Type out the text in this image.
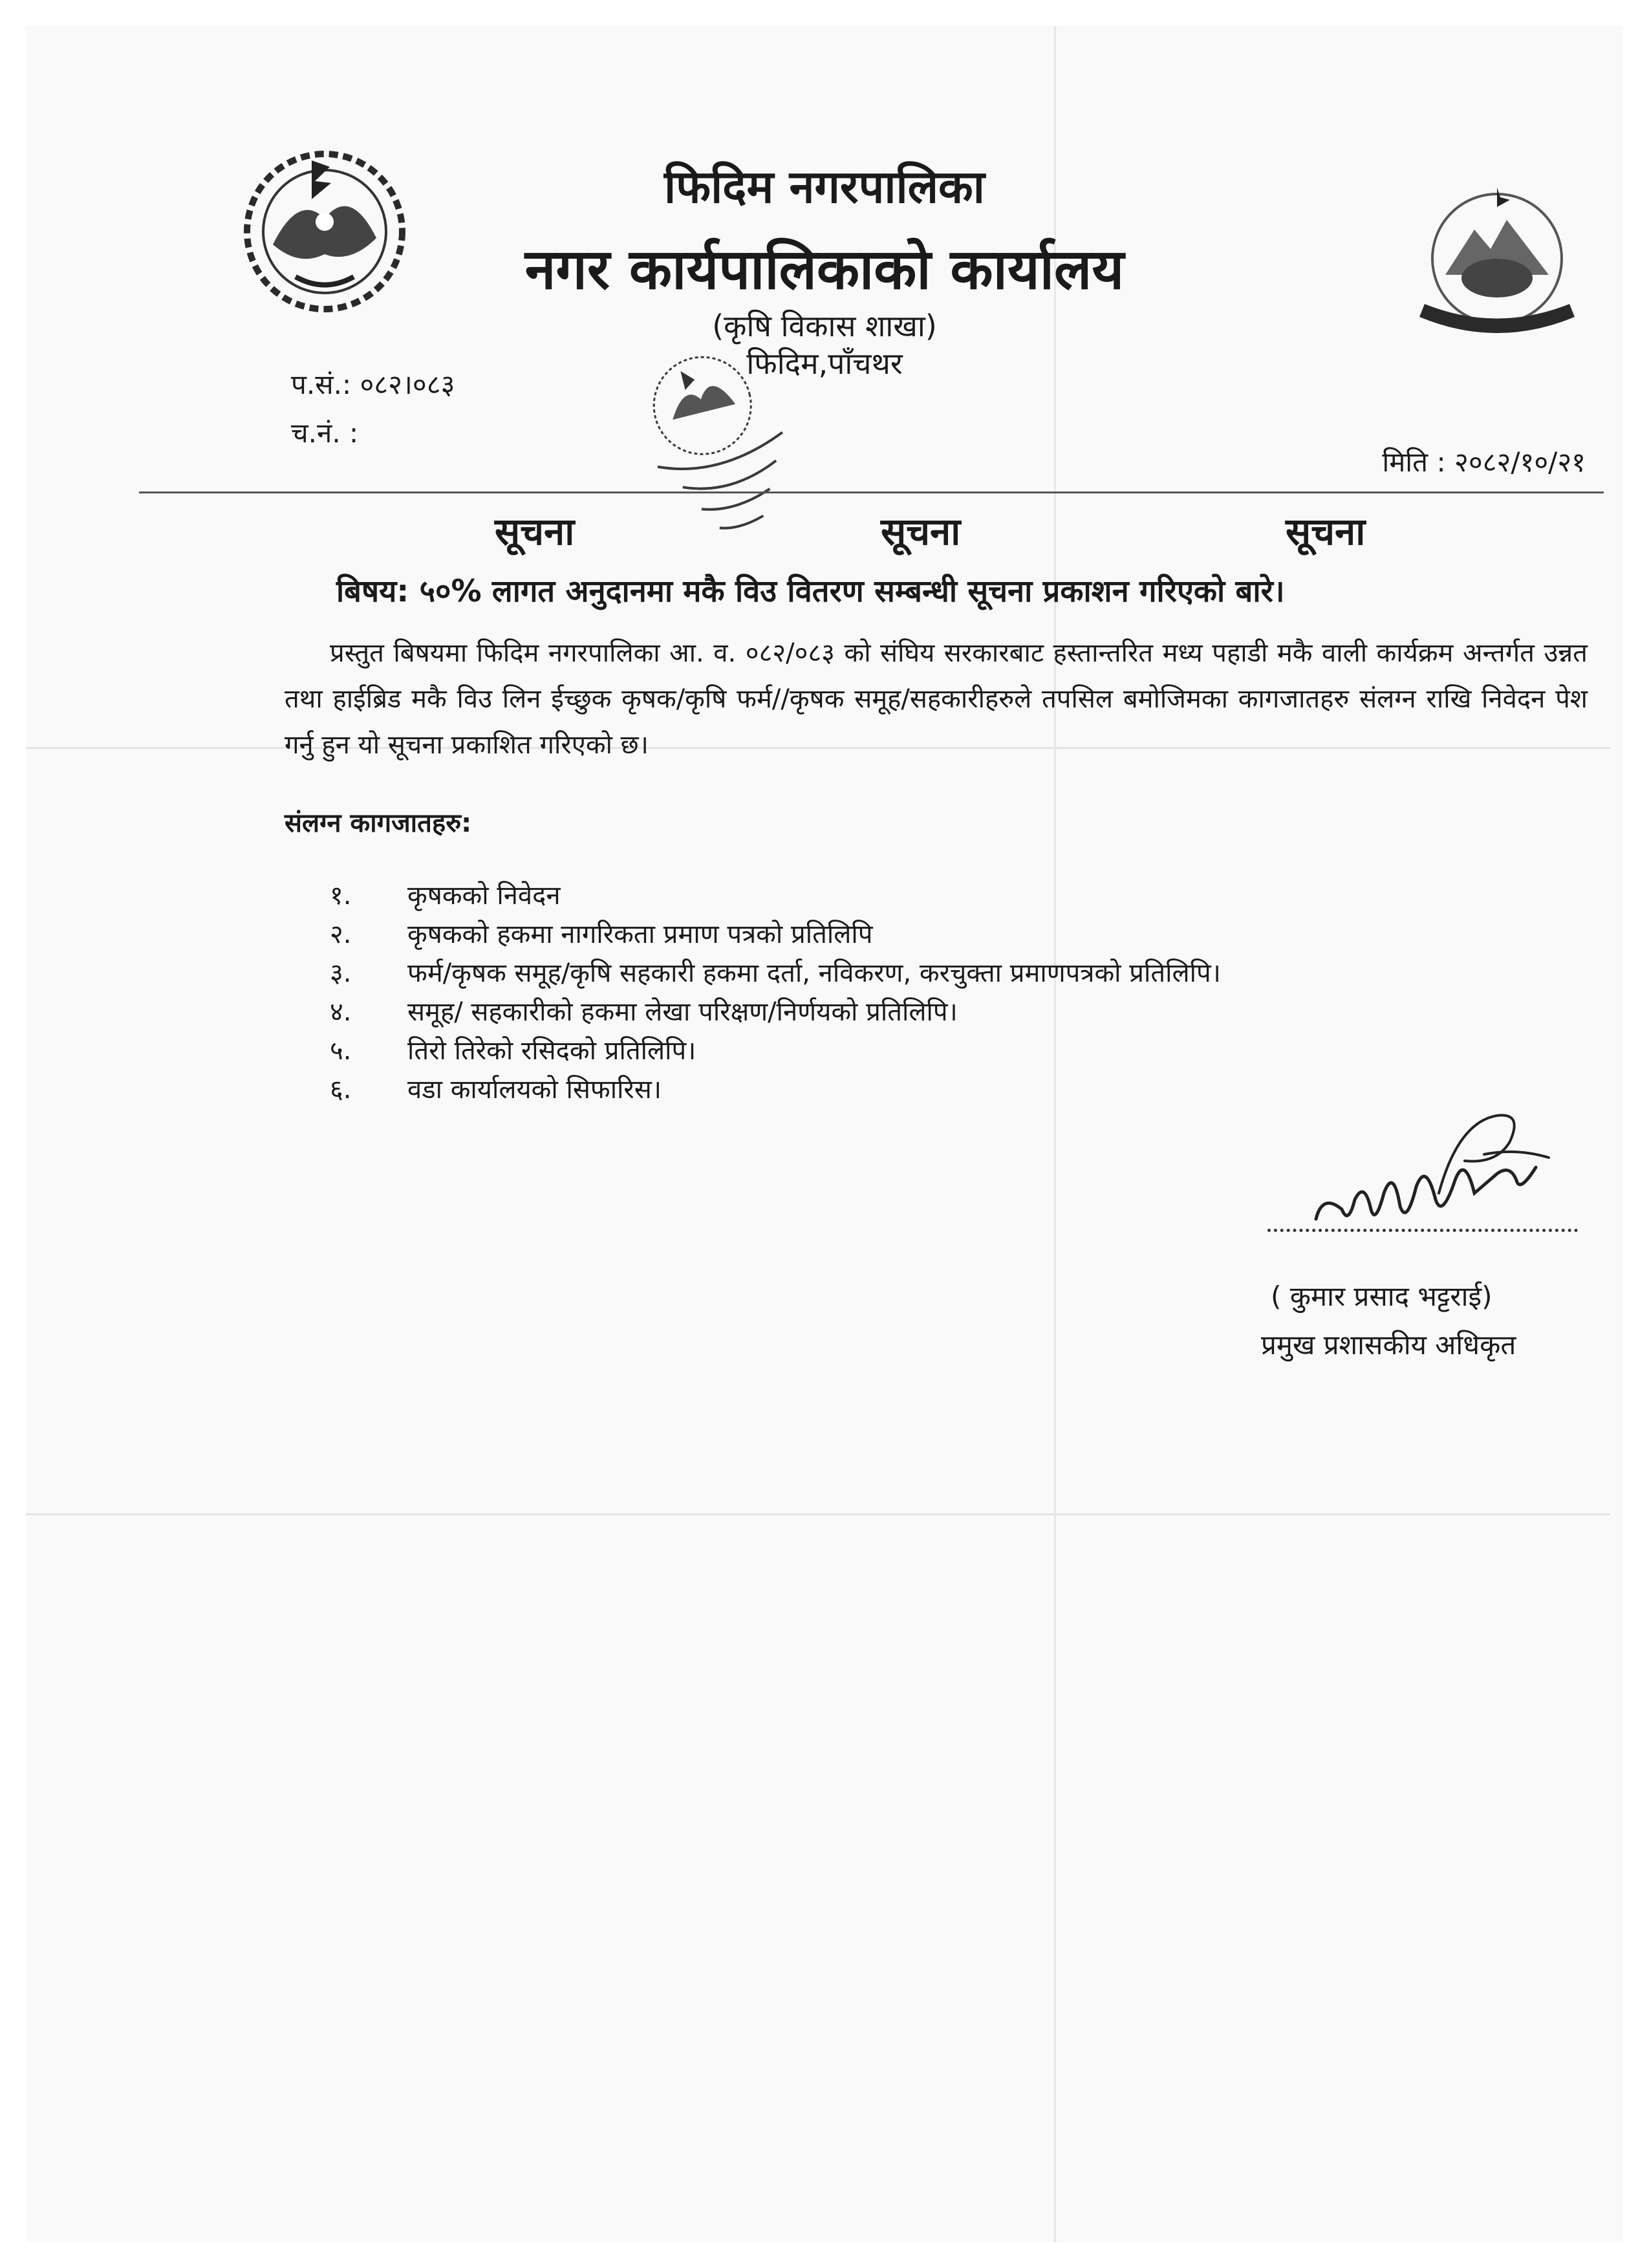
फिदिम नगरपालिका
नगर कार्यपालिकाको कार्यालय
(कृषि विकास शाखा)
फिदिम,पाँचथर
प.सं.: ०८२।०८३
च.नं. :
मिति : २०८२/१०/२१
सूचना	सूचना	सूचना
बिषय: ५०% लागत अनुदानमा मकै विउ वितरण सम्बन्धी सूचना प्रकाशन गरिएको बारे।
प्रस्तुत बिषयमा फिदिम नगरपालिका आ. व. ०८२/०८३ को संघिय सरकारबाट हस्तान्तरित मध्य पहाडी मकै वाली कार्यक्रम अन्तर्गत उन्नत तथा हाईब्रिड मकै विउ लिन ईच्छुक कृषक/कृषि फर्म//कृषक समूह/सहकारीहरुले तपसिल बमोजिमका कागजातहरु संलग्न राखि निवेदन पेश गर्नु हुन यो सूचना प्रकाशित गरिएको छ।
संलग्न कागजातहरु:
१.	कृषकको निवेदन
२.	कृषकको हकमा नागरिकता प्रमाण पत्रको प्रतिलिपि
३.	फर्म/कृषक समूह/कृषि सहकारी हकमा दर्ता, नविकरण, करचुक्ता प्रमाणपत्रको प्रतिलिपि।
४.	समूह/ सहकारीको हकमा लेखा परिक्षण/निर्णयको प्रतिलिपि।
५.	तिरो तिरेको रसिदको प्रतिलिपि।
६.	वडा कार्यालयको सिफारिस।
( कुमार प्रसाद भट्टराई)
प्रमुख प्रशासकीय अधिकृत
